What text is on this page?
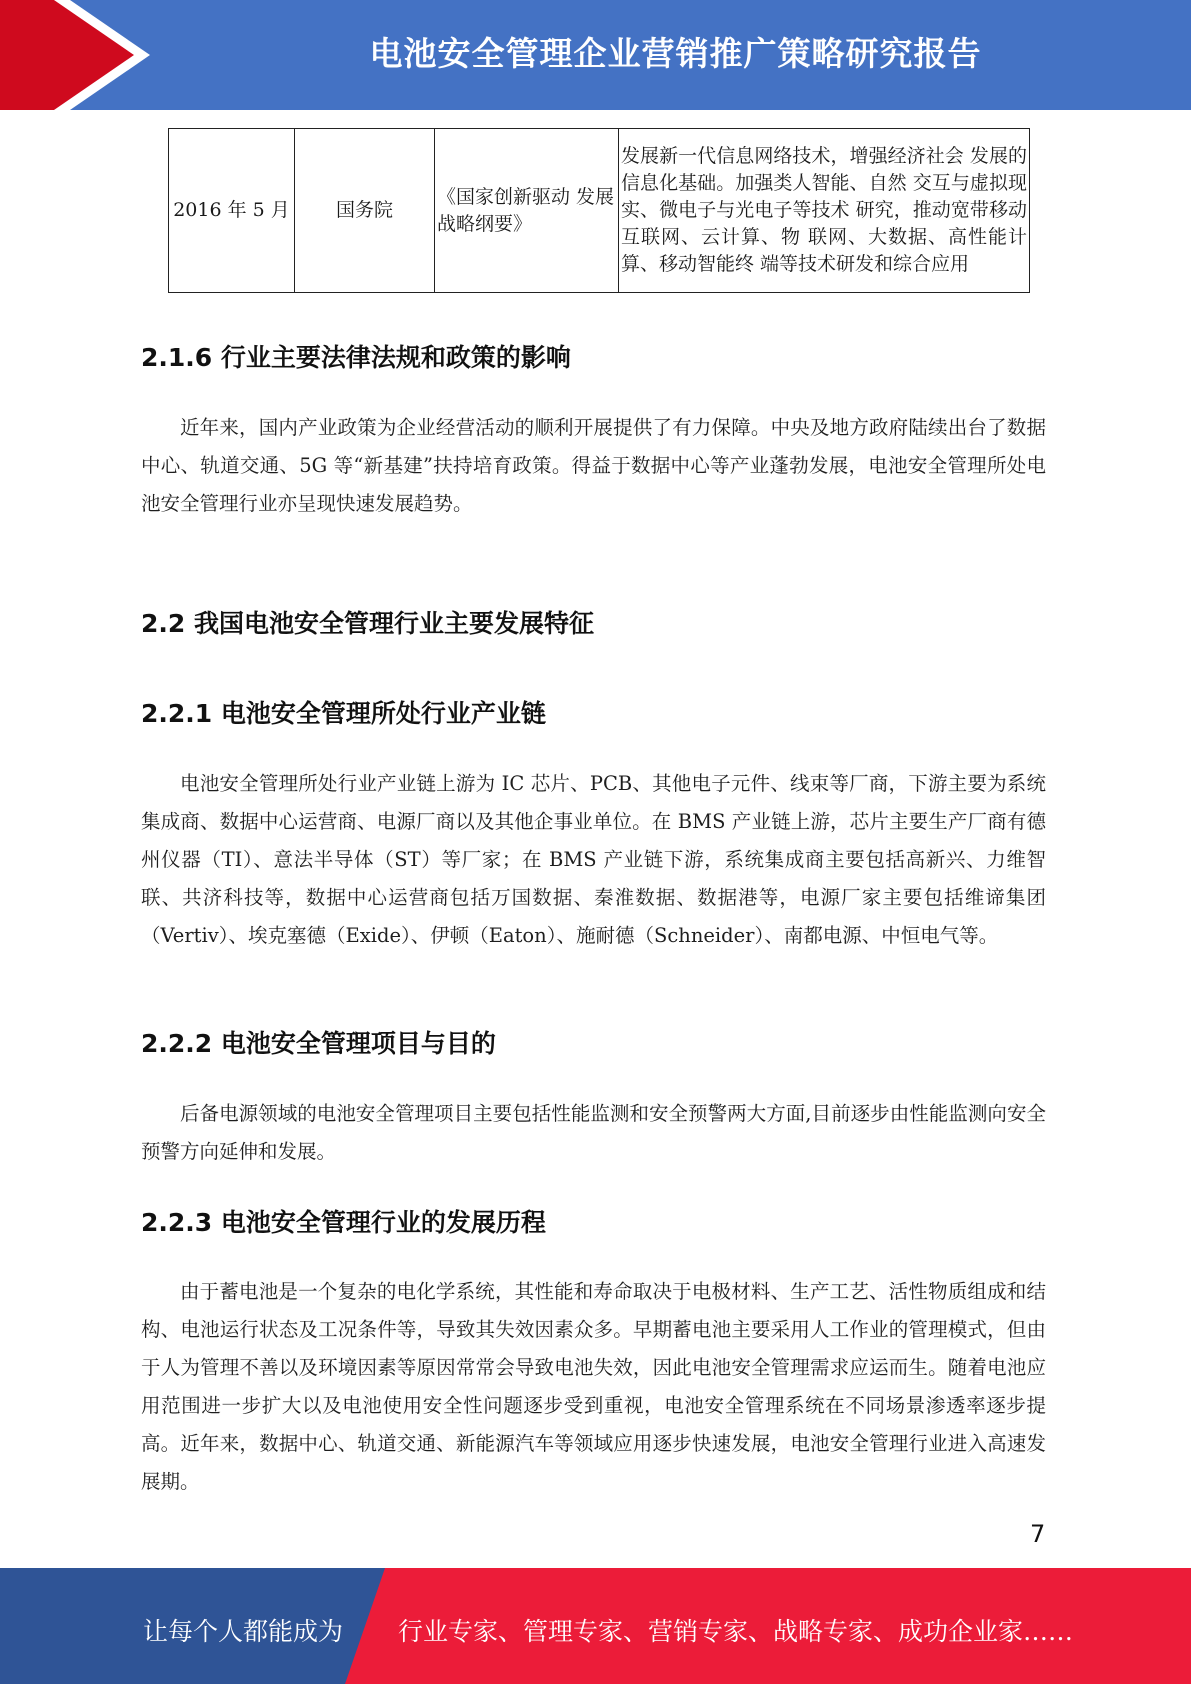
电池安全管理企业营销推广策略研究报告
2016 年 5 月	国务院	《国家创新驱动 发展战略纲要》	发展新一代信息网络技术，增强经济社会 发展的信息化基础。加强类人智能、自然 交互与虚拟现实、微电子与光电子等技术 研究，推动宽带移动互联网、云计算、物 联网、大数据、高性能计算、移动智能终 端等技术研发和综合应用
2.1.6 行业主要法律法规和政策的影响
近年来，国内产业政策为企业经营活动的顺利开展提供了有力保障。中央及地方政府陆续出台了数据中心、轨道交通、5G 等“新基建”扶持培育政策。得益于数据中心等产业蓬勃发展，电池安全管理所处电池安全管理行业亦呈现快速发展趋势。
2.2 我国电池安全管理行业主要发展特征
2.2.1 电池安全管理所处行业产业链
电池安全管理所处行业产业链上游为 IC 芯片、PCB、其他电子元件、线束等厂商，下游主要为系统集成商、数据中心运营商、电源厂商以及其他企事业单位。在 BMS 产业链上游，芯片主要生产厂商有德州仪器（TI）、意法半导体（ST）等厂家；在 BMS 产业链下游，系统集成商主要包括高新兴、力维智联、共济科技等，数据中心运营商包括万国数据、秦淮数据、数据港等，电源厂家主要包括维谛集团（Vertiv）、埃克塞德（Exide）、伊顿（Eaton）、施耐德（Schneider）、南都电源、中恒电气等。
2.2.2 电池安全管理项目与目的
后备电源领域的电池安全管理项目主要包括性能监测和安全预警两大方面,目前逐步由性能监测向安全预警方向延伸和发展。
2.2.3 电池安全管理行业的发展历程
由于蓄电池是一个复杂的电化学系统，其性能和寿命取决于电极材料、生产工艺、活性物质组成和结构、电池运行状态及工况条件等，导致其失效因素众多。早期蓄电池主要采用人工作业的管理模式，但由于人为管理不善以及环境因素等原因常常会导致电池失效，因此电池安全管理需求应运而生。随着电池应用范围进一步扩大以及电池使用安全性问题逐步受到重视，电池安全管理系统在不同场景渗透率逐步提高。近年来，数据中心、轨道交通、新能源汽车等领域应用逐步快速发展，电池安全管理行业进入高速发展期。
7
让每个人都能成为 行业专家、管理专家、营销专家、战略专家、成功企业家……
